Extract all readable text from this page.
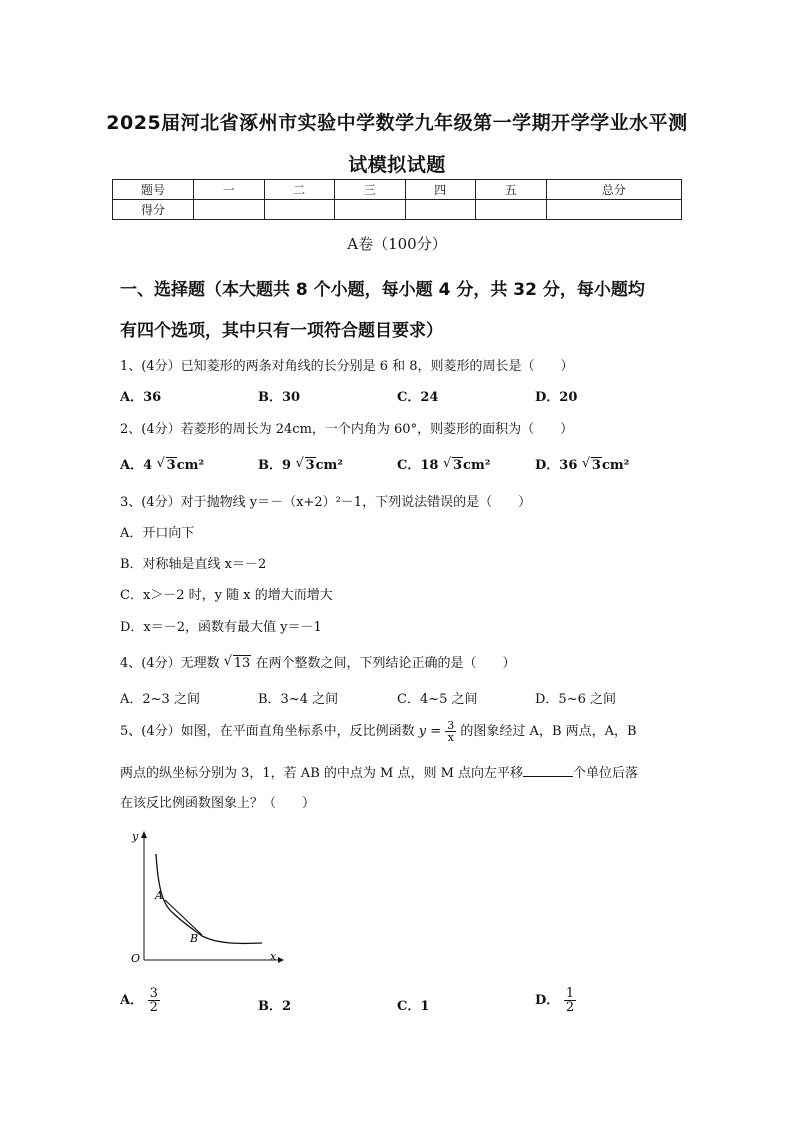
2025届河北省涿州市实验中学数学九年级第一学期开学学业水平测
试模拟试题
题号	一	二	三	四	五	总分
得分						
A卷（100分）
一、选择题（本大题共 8 个小题，每小题 4 分，共 32 分，每小题均
有四个选项，其中只有一项符合题目要求）
1、(4分）已知菱形的两条对角线的长分别是 6 和 8，则菱形的周长是（　　）
A．36	B．30	C．24	D．20
2、(4分）若菱形的周长为 24cm，一个内角为 60°，则菱形的面积为（　　）
A．4 √ 3cm²	B．9 √ 3cm²	C．18 √ 3cm²	D．36 √ 3cm²
3、(4分）对于抛物线 y＝－（x+2）²－1，下列说法错误的是（　　）
A．开口向下
B．对称轴是直线 x＝－2
C．x＞－2 时，y 随 x 的增大而增大
D．x＝－2，函数有最大值 y＝－1
4、(4分）无理数 √ 13 在两个整数之间，下列结论正确的是（　　）
A．2~3 之间	B．3~4 之间	C．4~5 之间	D．5~6 之间
5、(4分）如图，在平面直角坐标系中，反比例函数 $y = \frac{3}{x}$ 的图象经过 A，B 两点，A，B
两点的纵坐标分别为 3，1，若 AB 的中点为 M 点，则 M 点向左平移	个单位后落
在该反比例函数图象上？（　　）
y
x
O
A
B
A． $\frac{3}{2}$	B．2	C．1	D． $\frac{1}{2}$
